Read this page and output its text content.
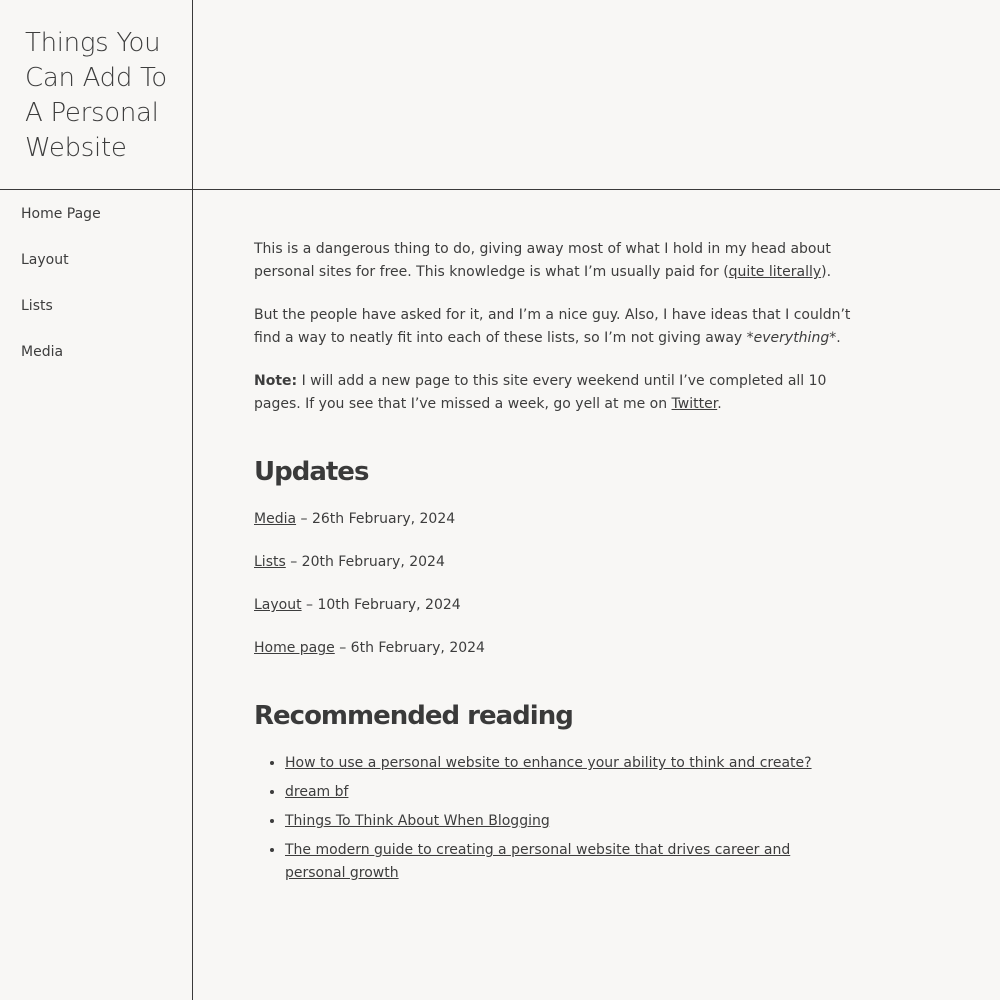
Things You Can Add To A Personal Website
Home Page
Layout
Lists
Media

This is a dangerous thing to do, giving away most of what I hold in my head about personal sites for free. This knowledge is what I’m usually paid for (quite literally).

But the people have asked for it, and I’m a nice guy. Also, I have ideas that I couldn’t find a way to neatly fit into each of these lists, so I’m not giving away *everything*.

Note: I will add a new page to this site every weekend until I’ve completed all 10 pages. If you see that I’ve missed a week, go yell at me on Twitter.

Updates
Media – 26th February, 2024
Lists – 20th February, 2024
Layout – 10th February, 2024
Home page – 6th February, 2024
Recommended reading
• How to use a personal website to enhance your ability to think and create?
• dream bf
• Things To Think About When Blogging
• The modern guide to creating a personal website that drives career and personal growth
